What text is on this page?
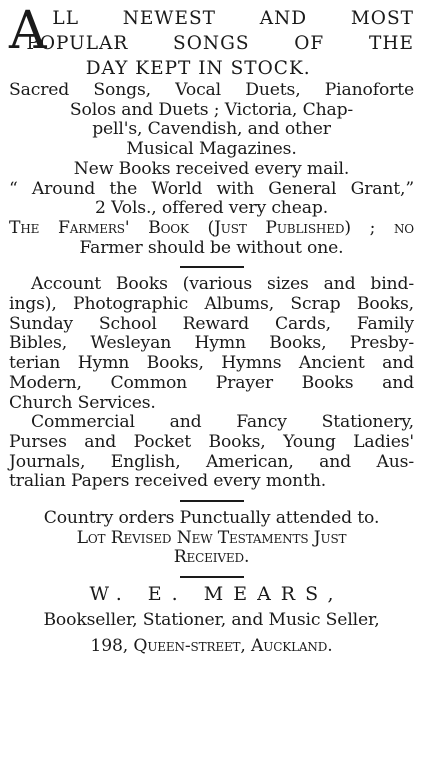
A LL NEWEST AND MOST
POPULAR SONGS OF THE
DAY KEPT IN STOCK.
Sacred Songs, Vocal Duets, Pianoforte
Solos and Duets ; Victoria, Chap-
pell's, Cavendish, and other
Musical Magazines.
New Books received every mail.
“ Around the World with General Grant,”
2 Vols., offered very cheap.
The Farmers' Book (Just Published) ; no
Farmer should be without one.
Account Books (various sizes and bind-
ings), Photographic Albums, Scrap Books,
Sunday School Reward Cards, Family
Bibles, Wesleyan Hymn Books, Presby-
terian Hymn Books, Hymns Ancient and
Modern, Common Prayer Books and
Church Services.
Commercial and Fancy Stationery,
Purses and Pocket Books, Young Ladies'
Journals, English, American, and Aus-
tralian Papers received every month.
Country orders Punctually attended to.
Lot Revised New Testaments Just
Received.
W. E. MEARS,
Bookseller, Stationer, and Music Seller,
198, Queen-street, Auckland.
